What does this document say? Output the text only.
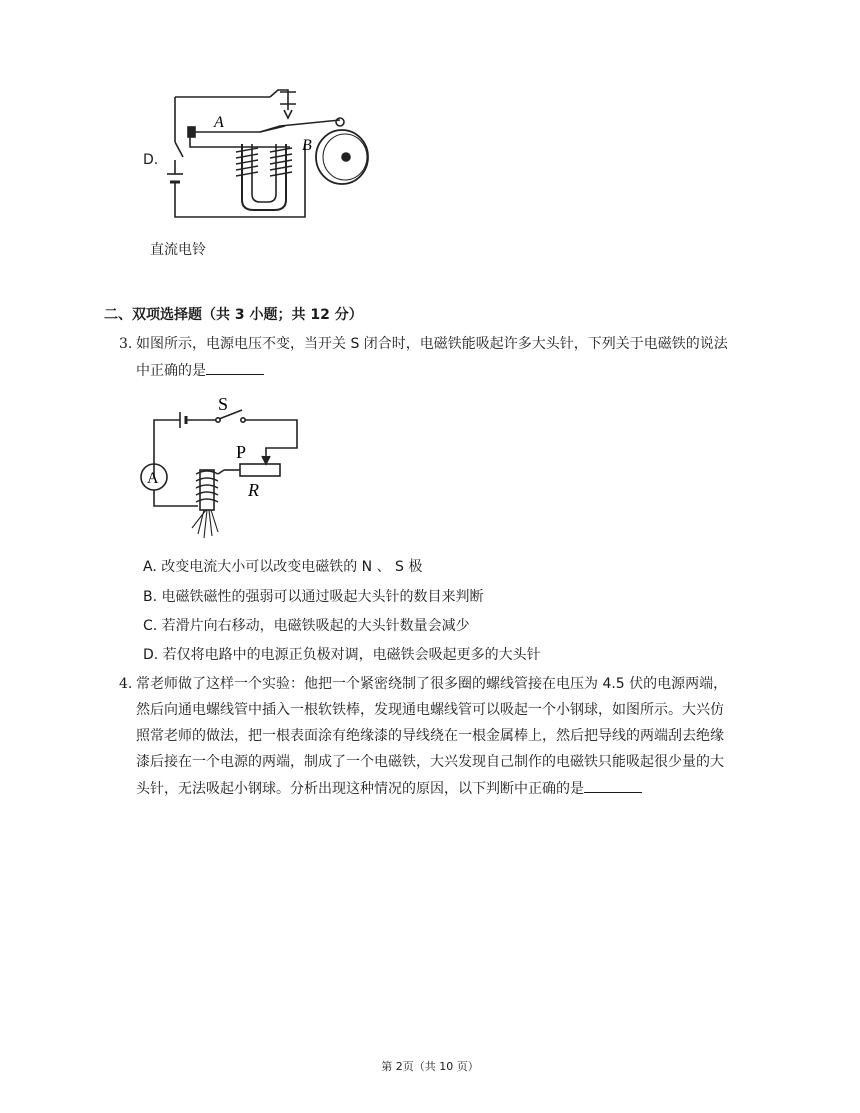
D.
A
B
直流电铃
二、双项选择题（共 3 小题；共 12 分）
3. 如图所示，电源电压不变，当开关 S 闭合时，电磁铁能吸起许多大头针，下列关于电磁铁的说法
中正确的是
A
S
P
R
A. 改变电流大小可以改变电磁铁的 N 、 S 极
B. 电磁铁磁性的强弱可以通过吸起大头针的数目来判断
C. 若滑片向右移动，电磁铁吸起的大头针数量会减少
D. 若仅将电路中的电源正负极对调，电磁铁会吸起更多的大头针
4. 常老师做了这样一个实验：他把一个紧密绕制了很多圈的螺线管接在电压为 4.5 伏的电源两端，
然后向通电螺线管中插入一根软铁棒，发现通电螺线管可以吸起一个小钢球，如图所示。大兴仿
照常老师的做法，把一根表面涂有绝缘漆的导线绕在一根金属棒上，然后把导线的两端刮去绝缘
漆后接在一个电源的两端，制成了一个电磁铁，大兴发现自己制作的电磁铁只能吸起很少量的大
头针，无法吸起小钢球。分析出现这种情况的原因，以下判断中正确的是
第 2页（共 10 页）
